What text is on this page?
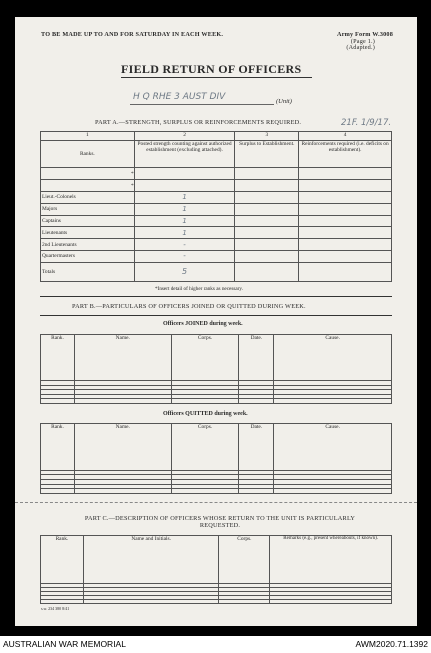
TO BE MADE UP TO AND FOR SATURDAY IN EACH WEEK.	Army Form W.3008
(Page 1.)
(Adapted.)
FIELD RETURN OF OFFICERS
H Q RHE 3 AUST DIV	(Unit)
PART A.—STRENGTH, SURPLUS OR REINFORCEMENTS REQUIRED.	21F. 1/9/17.
1	2	3	4
Ranks.	Posted strength counting against authorized establishment (excluding attached).	Surplus to Establishment.	Reinforcements required (i.e. deficits on establishment).
*			
*			
Lieut.-Colonels	1		
Majors	1		
Captains	1		
Lieutenants	1		
2nd Lieutenants	-		
Quartermasters	-		
Totals	5		
*Insert detail of higher ranks as necessary.
PART B.—PARTICULARS OF OFFICERS JOINED OR QUITTED DURING WEEK.
Officers JOINED during week.
Rank.	Name.	Corps.	Date.	Cause.

Officers QUITTED during week.
Rank.	Name.	Corps.	Date.	Cause.

PART C.—DESCRIPTION OF OFFICERS WHOSE RETURN TO THE UNIT IS PARTICULARLY
REQUESTED.
Rank.	Name and Initials.	Corps.	Remarks (e.g., present whereabouts, if known).

s.w. 234 380 8/41
AUSTRALIAN WAR MEMORIAL	AWM2020.71.1392
